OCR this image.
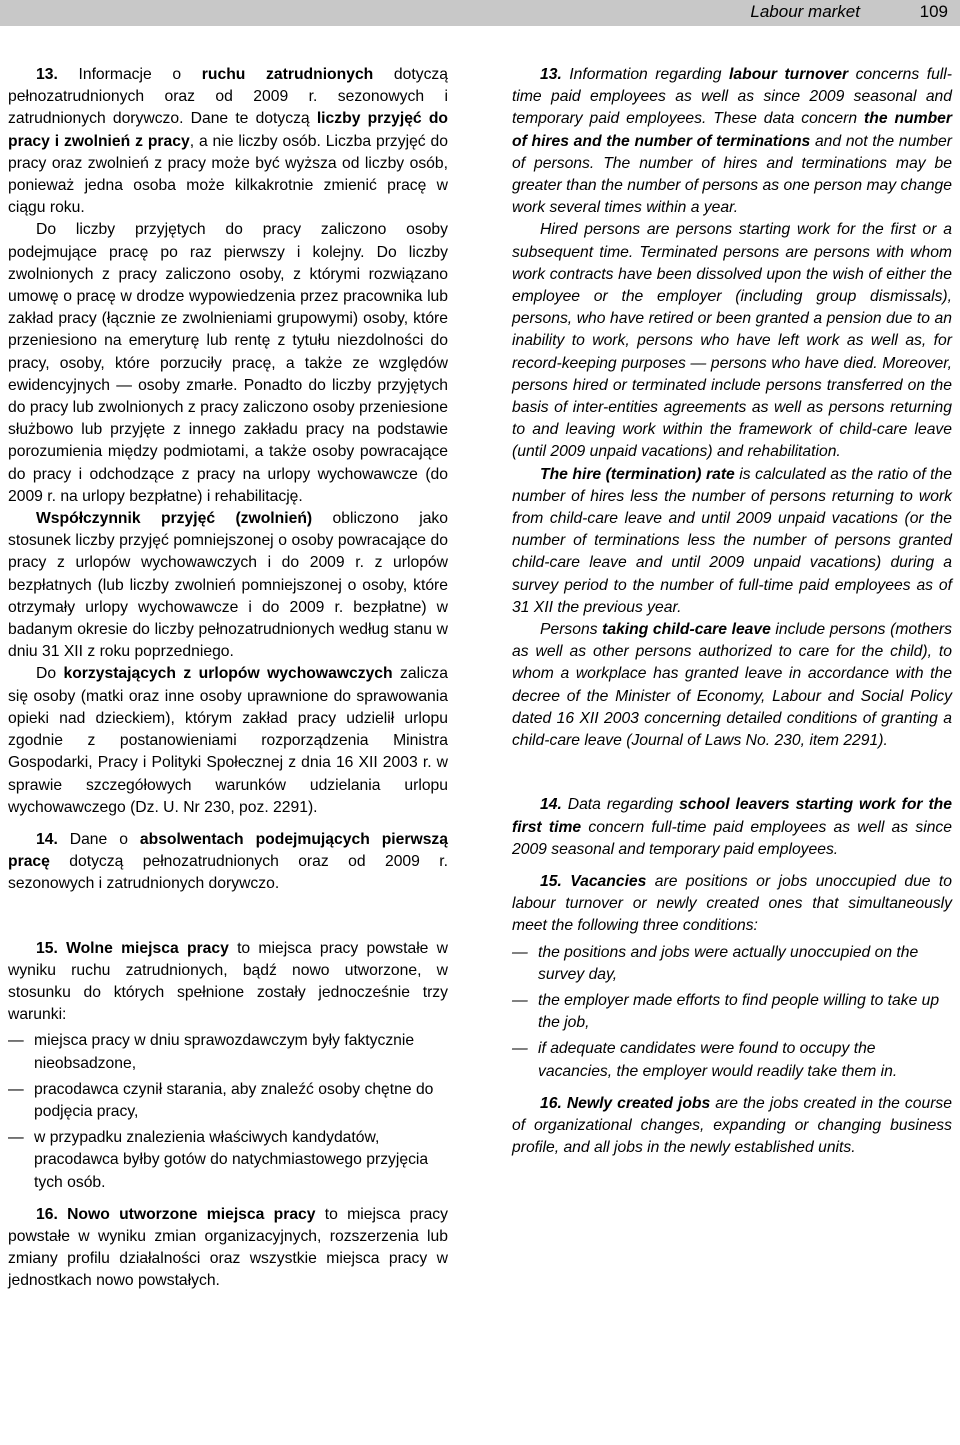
Labour market	109

13. Informacje o ruchu zatrudnionych dotyczą pełnozatrudnionych oraz od 2009 r. sezonowych i zatrudnionych dorywczo. Dane te dotyczą liczby przyjęć do pracy i zwolnień z pracy, a nie liczby osób. Liczba przyjęć do pracy oraz zwolnień z pracy może być wyższa od liczby osób, ponieważ jedna osoba może kilkakrotnie zmienić pracę w ciągu roku.

Do liczby przyjętych do pracy zaliczono osoby podejmujące pracę po raz pierwszy i kolejny. Do liczby zwolnionych z pracy zaliczono osoby, z którymi rozwiązano umowę o pracę w drodze wypowiedzenia przez pracownika lub zakład pracy (łącznie ze zwolnieniami grupowymi) osoby, które przeniesiono na emeryturę lub rentę z tytułu niezdolności do pracy, osoby, które porzuciły pracę, a także ze względów ewidencyjnych — osoby zmarłe. Ponadto do liczby przyjętych do pracy lub zwolnionych z pracy zaliczono osoby przeniesione służbowo lub przyjęte z innego zakładu pracy na podstawie porozumienia między podmiotami, a także osoby powracające do pracy i odchodzące z pracy na urlopy wychowawcze (do 2009 r. na urlopy bezpłatne) i rehabilitację.

Współczynnik przyjęć (zwolnień) obliczono jako stosunek liczby przyjęć pomniejszonej o osoby powracające do pracy z urlopów wychowawczych i do 2009 r. z urlopów bezpłatnych (lub liczby zwolnień pomniejszonej o osoby, które otrzymały urlopy wychowawcze i do 2009 r. bezpłatne) w badanym okresie do liczby pełnozatrudnionych według stanu w dniu 31 XII z roku poprzedniego.

Do korzystających z urlopów wychowawczych zalicza się osoby (matki oraz inne osoby uprawnione do sprawowania opieki nad dzieckiem), którym zakład pracy udzielił urlopu zgodnie z postanowieniami rozporządzenia Ministra Gospodarki, Pracy i Polityki Społecznej z dnia 16 XII 2003 r. w sprawie szczegółowych warunków udzielania urlopu wychowawczego (Dz. U. Nr 230, poz. 2291).

14. Dane o absolwentach podejmujących pierwszą pracę dotyczą pełnozatrudnionych oraz od 2009 r. sezonowych i zatrudnionych dorywczo.

15. Wolne miejsca pracy to miejsca pracy powstałe w wyniku ruchu zatrudnionych, bądź nowo utworzone, w stosunku do których spełnione zostały jednocześnie trzy warunki:

— miejsca pracy w dniu sprawozdawczym były faktycznie nieobsadzone,
— pracodawca czynił starania, aby znaleźć osoby chętne do podjęcia pracy,
— w przypadku znalezienia właściwych kandydatów, pracodawca byłby gotów do natychmiastowego przyjęcia tych osób.

16. Nowo utworzone miejsca pracy to miejsca pracy powstałe w wyniku zmian organizacyjnych, rozszerzenia lub zmiany profilu działalności oraz wszystkie miejsca pracy w jednostkach nowo powstałych.

13. Information regarding labour turnover concerns full-time paid employees as well as since 2009 seasonal and temporary paid employees. These data concern the number of hires and the number of terminations and not the number of persons. The number of hires and terminations may be greater than the number of persons as one person may change work several times within a year.

Hired persons are persons starting work for the first or a subsequent time. Terminated persons are persons with whom work contracts have been dissolved upon the wish of either the employee or the employer (including group dismissals), persons, who have retired or been granted a pension due to an inability to work, persons who have left work as well as, for record-keeping purposes — persons who have died. Moreover, persons hired or terminated include persons transferred on the basis of inter-entities agreements as well as persons returning to and leaving work within the framework of child-care leave (until 2009 unpaid vacations) and rehabilitation.

The hire (termination) rate is calculated as the ratio of the number of hires less the number of persons returning to work from child-care leave and until 2009 unpaid vacations (or the number of terminations less the number of persons granted child-care leave and until 2009 unpaid vacations) during a survey period to the number of full-time paid employees as of 31 XII the previous year.

Persons taking child-care leave include persons (mothers as well as other persons authorized to care for the child), to whom a workplace has granted leave in accordance with the decree of the Minister of Economy, Labour and Social Policy dated 16 XII 2003 concerning detailed conditions of granting a child-care leave (Journal of Laws No. 230, item 2291).

14. Data regarding school leavers starting work for the first time concern full-time paid employees as well as since 2009 seasonal and temporary paid employees.

15. Vacancies are positions or jobs unoccupied due to labour turnover or newly created ones that simultaneously meet the following three conditions:

— the positions and jobs were actually unoccupied on the survey day,
— the employer made efforts to find people willing to take up the job,
— if adequate candidates were found to occupy the vacancies, the employer would readily take them in.

16. Newly created jobs are the jobs created in the course of organizational changes, expanding or changing business profile, and all jobs in the newly established units.
